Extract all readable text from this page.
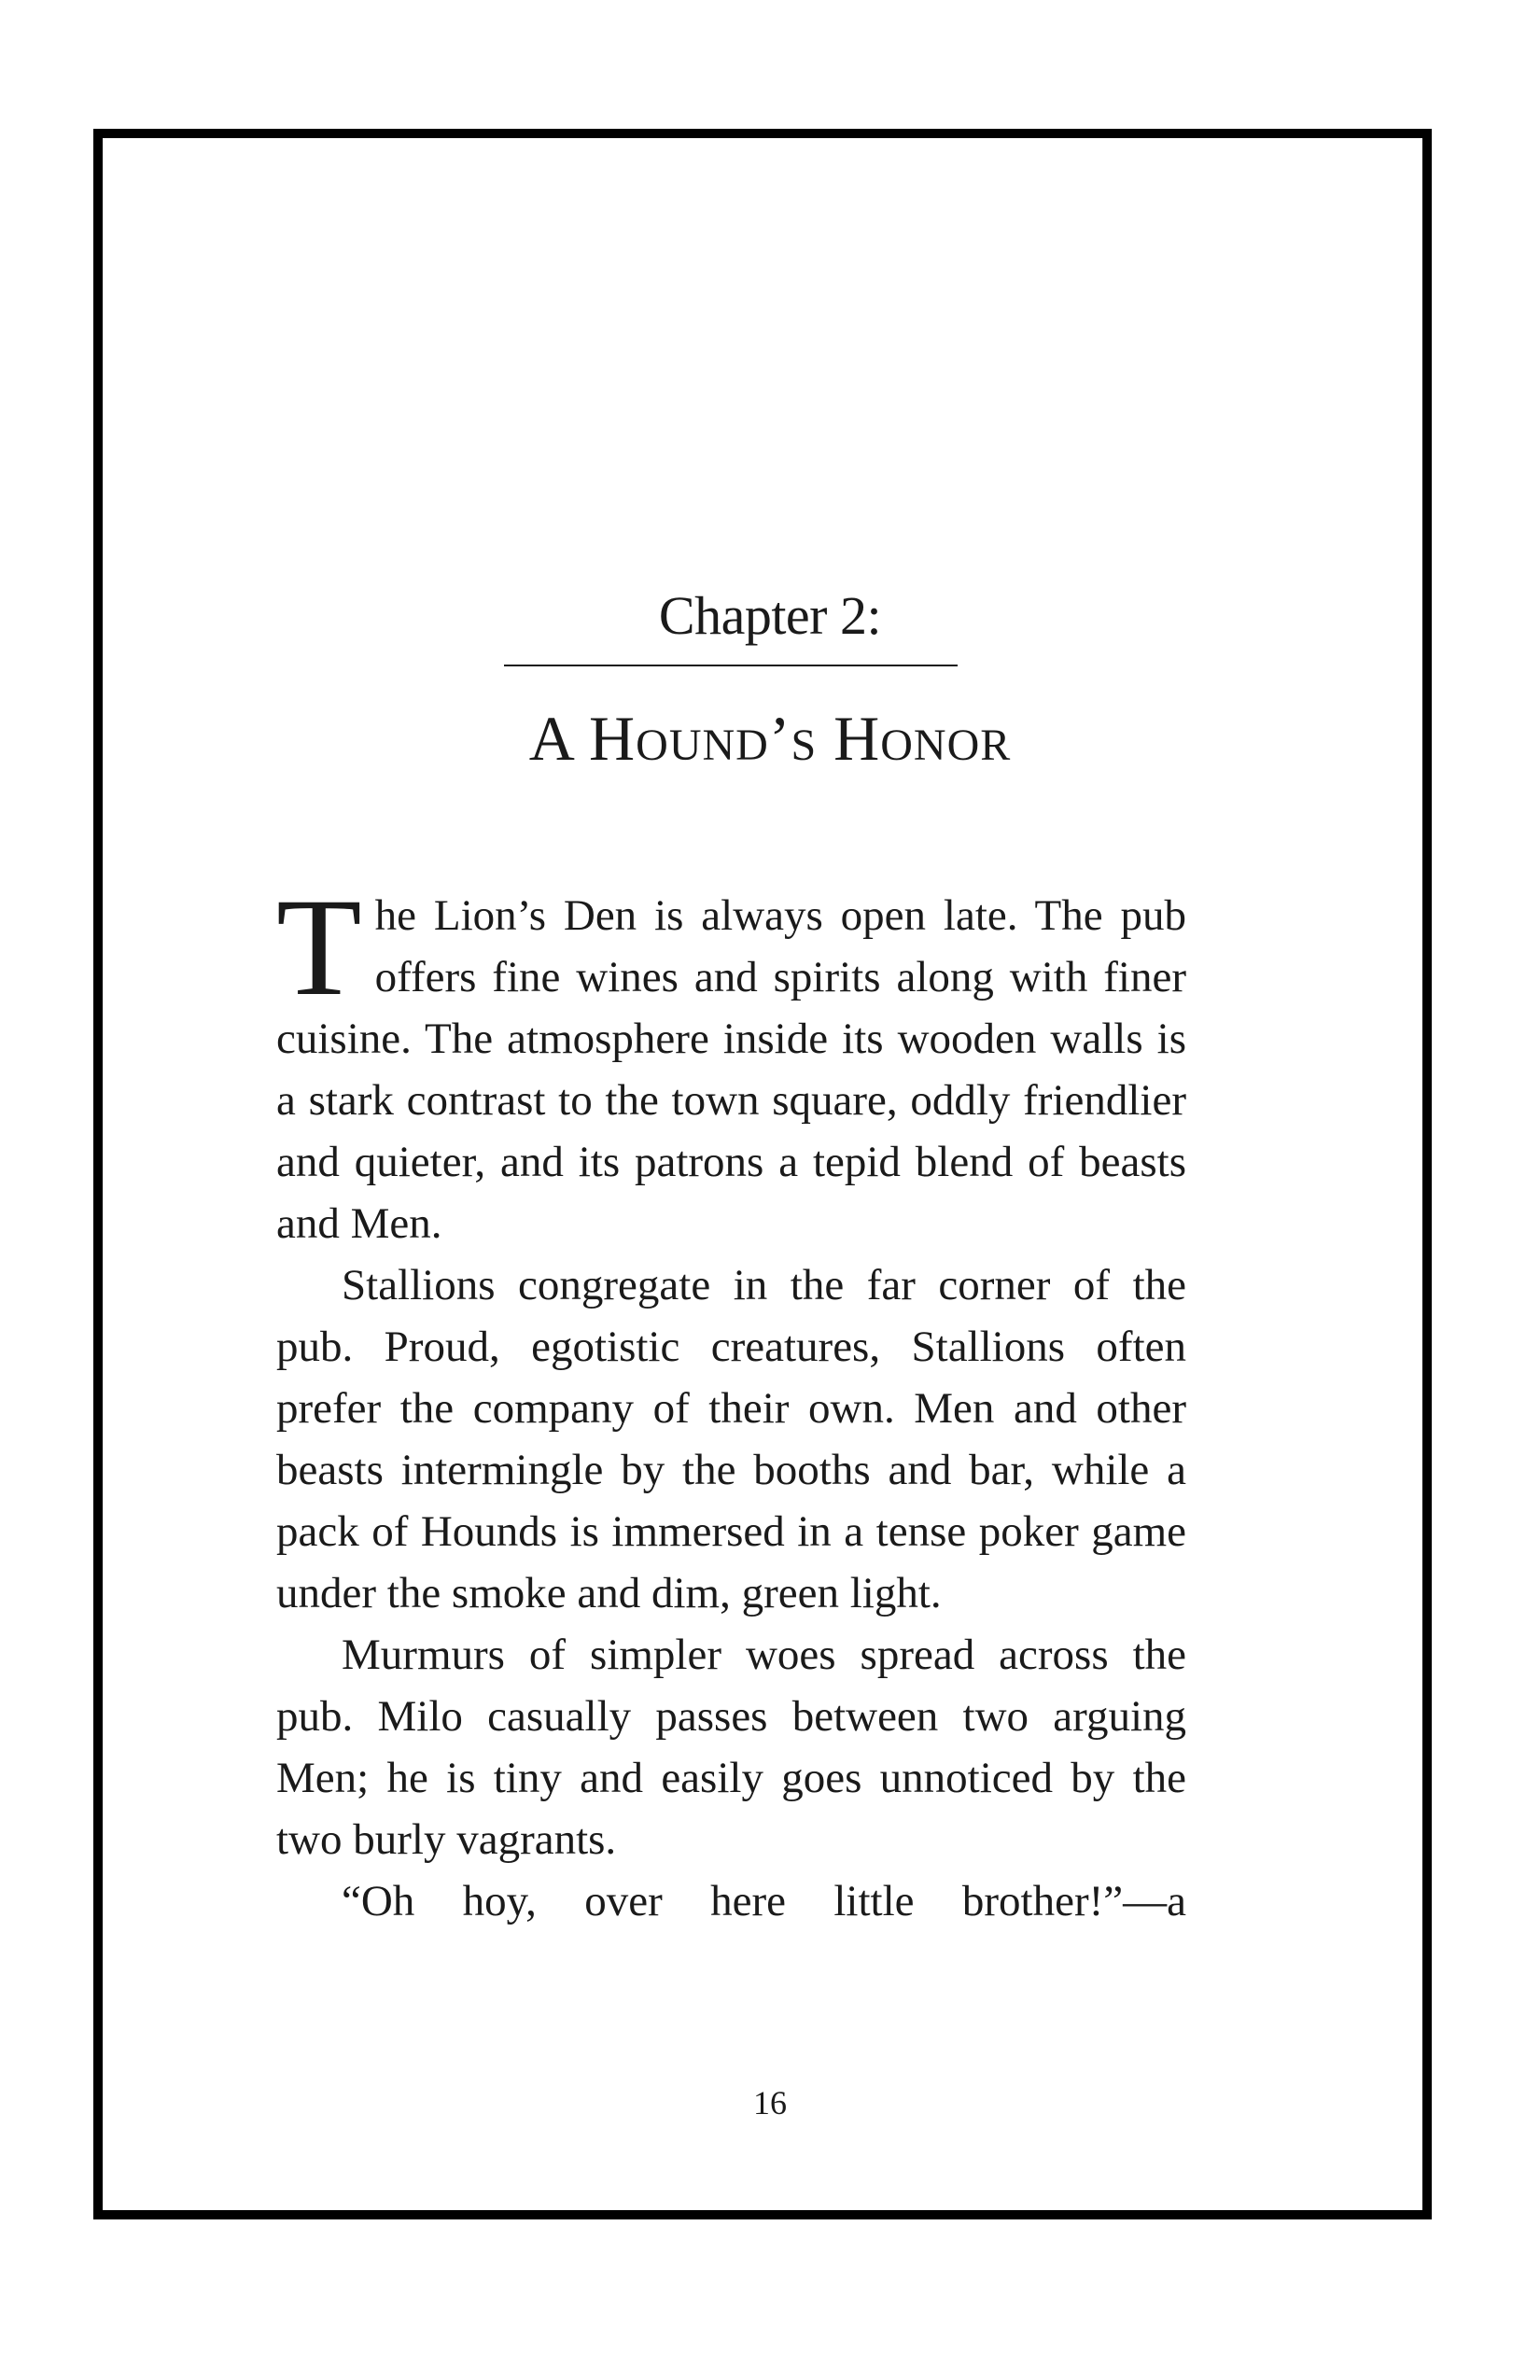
Chapter 2:
A Hound’s Honor

The Lion’s Den is always open late. The pub offers fine wines and spirits along with finer cuisine. The atmosphere inside its wooden walls is a stark contrast to the town square, oddly friendlier and quieter, and its patrons a tepid blend of beasts and Men.

Stallions congregate in the far corner of the pub. Proud, egotistic creatures, Stallions often prefer the company of their own. Men and other beasts intermingle by the booths and bar, while a pack of Hounds is immersed in a tense poker game under the smoke and dim, green light.

Murmurs of simpler woes spread across the pub. Milo casually passes between two arguing Men; he is tiny and easily goes unnoticed by the two burly vagrants.

“Oh hoy, over here little brother!”—a

16
